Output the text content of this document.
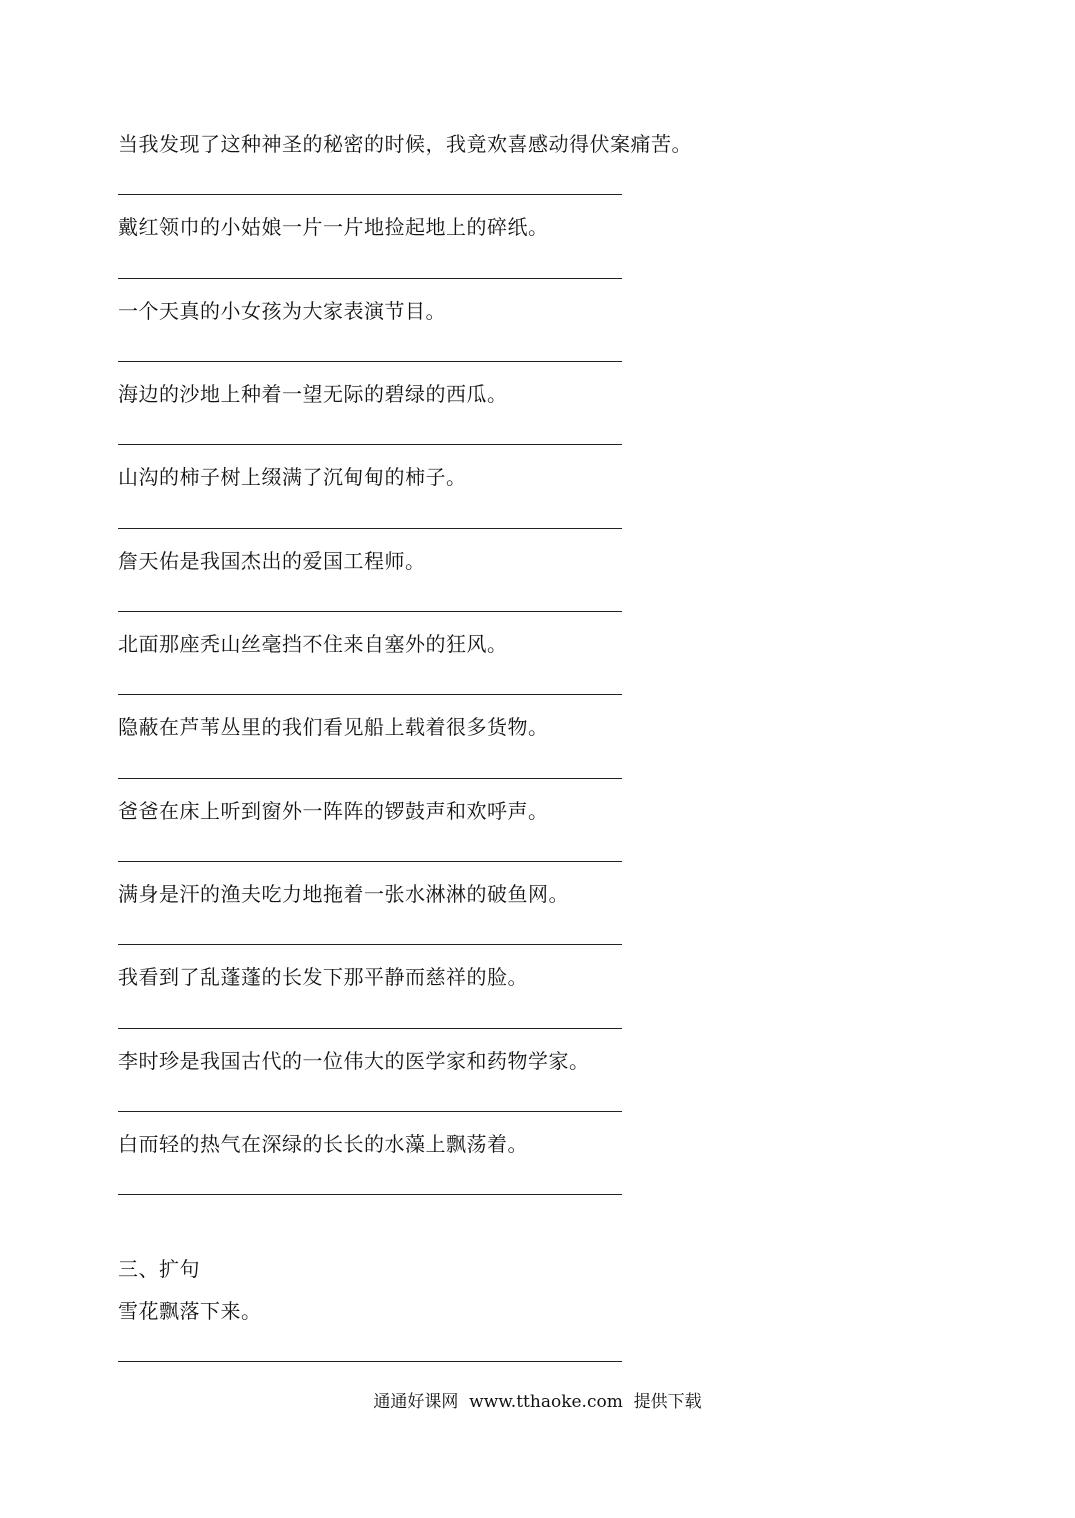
当我发现了这种神圣的秘密的时候，我竟欢喜感动得伏案痛苦。
戴红领巾的小姑娘一片一片地捡起地上的碎纸。
一个天真的小女孩为大家表演节目。
海边的沙地上种着一望无际的碧绿的西瓜。
山沟的柿子树上缀满了沉甸甸的柿子。
詹天佑是我国杰出的爱国工程师。
北面那座秃山丝毫挡不住来自塞外的狂风。
隐蔽在芦苇丛里的我们看见船上载着很多货物。
爸爸在床上听到窗外一阵阵的锣鼓声和欢呼声。
满身是汗的渔夫吃力地拖着一张水淋淋的破鱼网。
我看到了乱蓬蓬的长发下那平静而慈祥的脸。
李时珍是我国古代的一位伟大的医学家和药物学家。
白而轻的热气在深绿的长长的水藻上飘荡着。
三、扩句
雪花飘落下来。
通通好课网  www.tthaoke.com  提供下载
